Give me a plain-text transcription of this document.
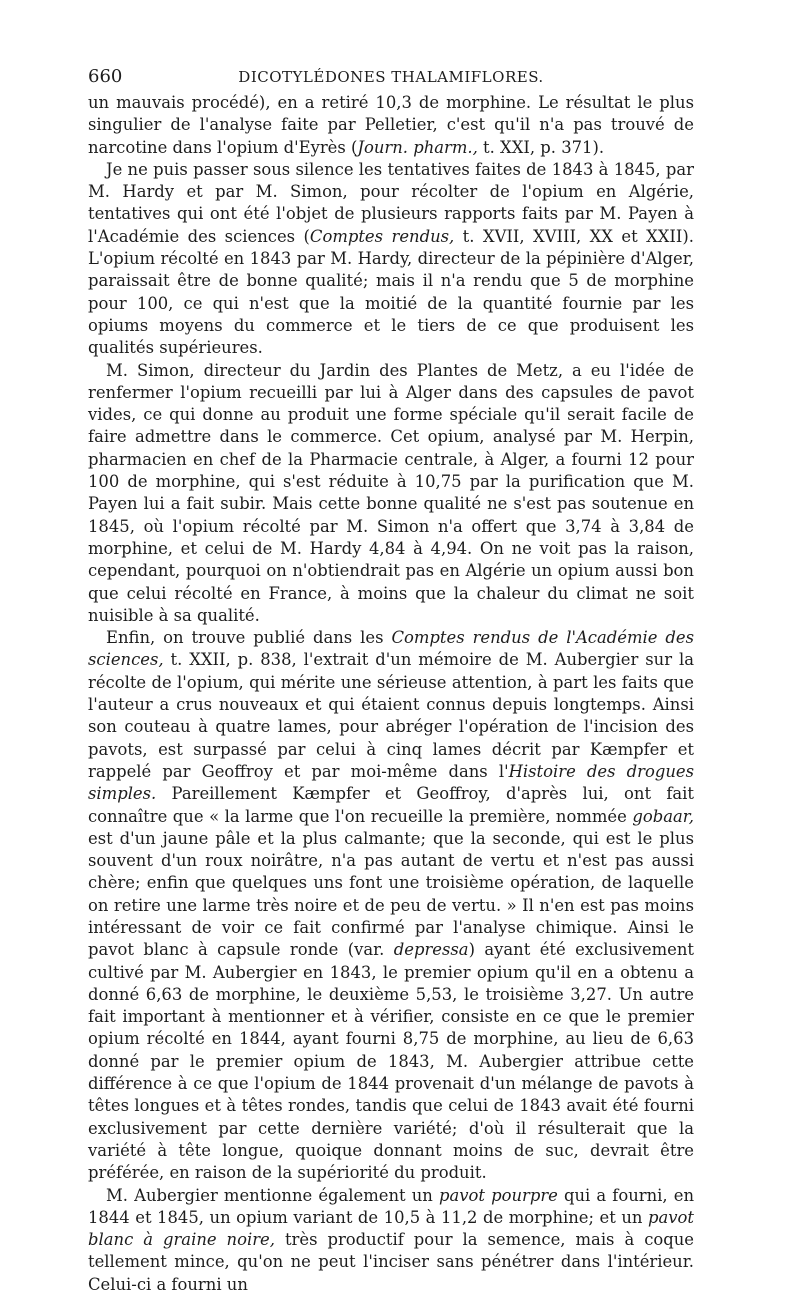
660	DICOTYLÉDONES THALAMIFLORES.

un mauvais procédé), en a retiré 10,3 de morphine. Le résultat le plus singulier de l'analyse faite par Pelletier, c'est qu'il n'a pas trouvé de narcotine dans l'opium d'Eyrès (Journ. pharm., t. XXI, p. 371).

Je ne puis passer sous silence les tentatives faites de 1843 à 1845, par M. Hardy et par M. Simon, pour récolter de l'opium en Algérie, tentatives qui ont été l'objet de plusieurs rapports faits par M. Payen à l'Académie des sciences (Comptes rendus, t. XVII, XVIII, XX et XXII). L'opium récolté en 1843 par M. Hardy, directeur de la pépinière d'Alger, paraissait être de bonne qualité; mais il n'a rendu que 5 de morphine pour 100, ce qui n'est que la moitié de la quantité fournie par les opiums moyens du commerce et le tiers de ce que produisent les qualités supérieures.

M. Simon, directeur du Jardin des Plantes de Metz, a eu l'idée de renfermer l'opium recueilli par lui à Alger dans des capsules de pavot vides, ce qui donne au produit une forme spéciale qu'il serait facile de faire admettre dans le commerce. Cet opium, analysé par M. Herpin, pharmacien en chef de la Pharmacie centrale, à Alger, a fourni 12 pour 100 de morphine, qui s'est réduite à 10,75 par la purification que M. Payen lui a fait subir. Mais cette bonne qualité ne s'est pas soutenue en 1845, où l'opium récolté par M. Simon n'a offert que 3,74 à 3,84 de morphine, et celui de M. Hardy 4,84 à 4,94. On ne voit pas la raison, cependant, pourquoi on n'obtiendrait pas en Algérie un opium aussi bon que celui récolté en France, à moins que la chaleur du climat ne soit nuisible à sa qualité.

Enfin, on trouve publié dans les Comptes rendus de l'Académie des sciences, t. XXII, p. 838, l'extrait d'un mémoire de M. Aubergier sur la récolte de l'opium, qui mérite une sérieuse attention, à part les faits que l'auteur a crus nouveaux et qui étaient connus depuis longtemps. Ainsi son couteau à quatre lames, pour abréger l'opération de l'incision des pavots, est surpassé par celui à cinq lames décrit par Kæmpfer et rappelé par Geoffroy et par moi-même dans l'Histoire des drogues simples. Pareillement Kæmpfer et Geoffroy, d'après lui, ont fait connaître que « la larme que l'on recueille la première, nommée gobaar, est d'un jaune pâle et la plus calmante; que la seconde, qui est le plus souvent d'un roux noirâtre, n'a pas autant de vertu et n'est pas aussi chère; enfin que quelques uns font une troisième opération, de laquelle on retire une larme très noire et de peu de vertu. » Il n'en est pas moins intéressant de voir ce fait confirmé par l'analyse chimique. Ainsi le pavot blanc à capsule ronde (var. depressa) ayant été exclusivement cultivé par M. Aubergier en 1843, le premier opium qu'il en a obtenu a donné 6,63 de morphine, le deuxième 5,53, le troisième 3,27. Un autre fait important à mentionner et à vérifier, consiste en ce que le premier opium récolté en 1844, ayant fourni 8,75 de morphine, au lieu de 6,63 donné par le premier opium de 1843, M. Aubergier attribue cette différence à ce que l'opium de 1844 provenait d'un mélange de pavots à têtes longues et à têtes rondes, tandis que celui de 1843 avait été fourni exclusivement par cette dernière variété; d'où il résulterait que la variété à tête longue, quoique donnant moins de suc, devrait être préférée, en raison de la supériorité du produit.

M. Aubergier mentionne également un pavot pourpre qui a fourni, en 1844 et 1845, un opium variant de 10,5 à 11,2 de morphine; et un pavot blanc à graine noire, très productif pour la semence, mais à coque tellement mince, qu'on ne peut l'inciser sans pénétrer dans l'intérieur. Celui-ci a fourni un
